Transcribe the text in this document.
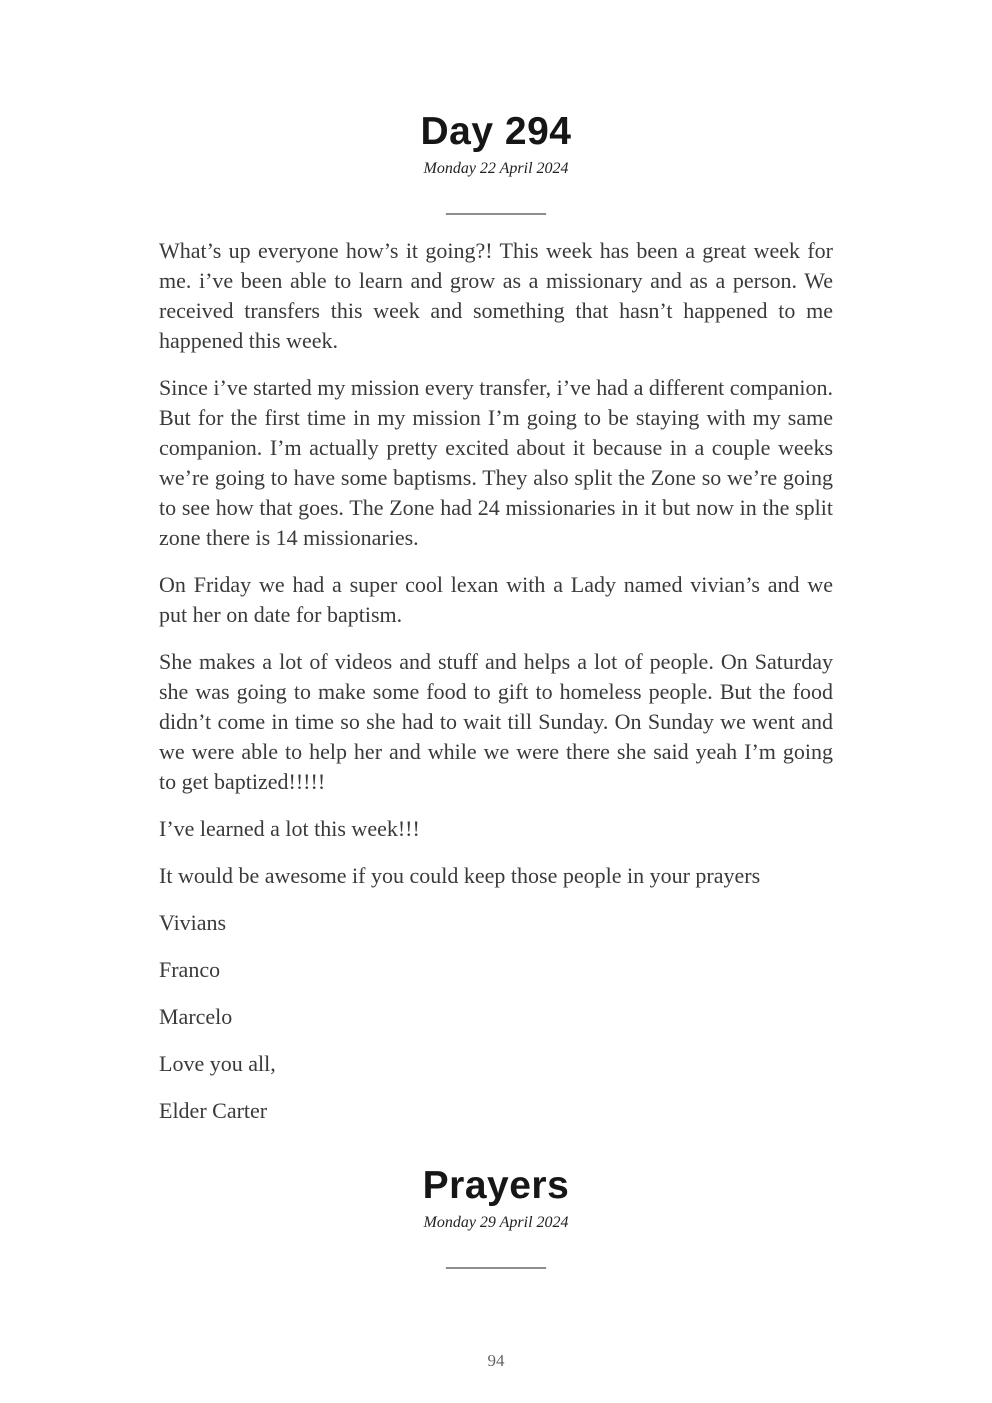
Day 294
Monday 22 April 2024
__________

What’s up everyone how’s it going?! This week has been a great week for me. i’ve been able to learn and grow as a missionary and as a person. We received transfers this week and something that hasn’t happened to me happened this week.

Since i’ve started my mission every transfer, i’ve had a different companion. But for the first time in my mission I’m going to be staying with my same companion. I’m actually pretty excited about it because in a couple weeks we’re going to have some baptisms. They also split the Zone so we’re going to see how that goes. The Zone had 24 missionaries in it but now in the split zone there is 14 missionaries.

On Friday we had a super cool lexan with a Lady named vivian’s and we put her on date for baptism.

She makes a lot of videos and stuff and helps a lot of people. On Saturday she was going to make some food to gift to homeless people. But the food didn’t come in time so she had to wait till Sunday. On Sunday we went and we were able to help her and while we were there she said yeah I’m going to get baptized!!!!!

I’ve learned a lot this week!!!

It would be awesome if you could keep those people in your prayers

Vivians

Franco

Marcelo

Love you all,

Elder Carter

Prayers
Monday 29 April 2024
__________
94
